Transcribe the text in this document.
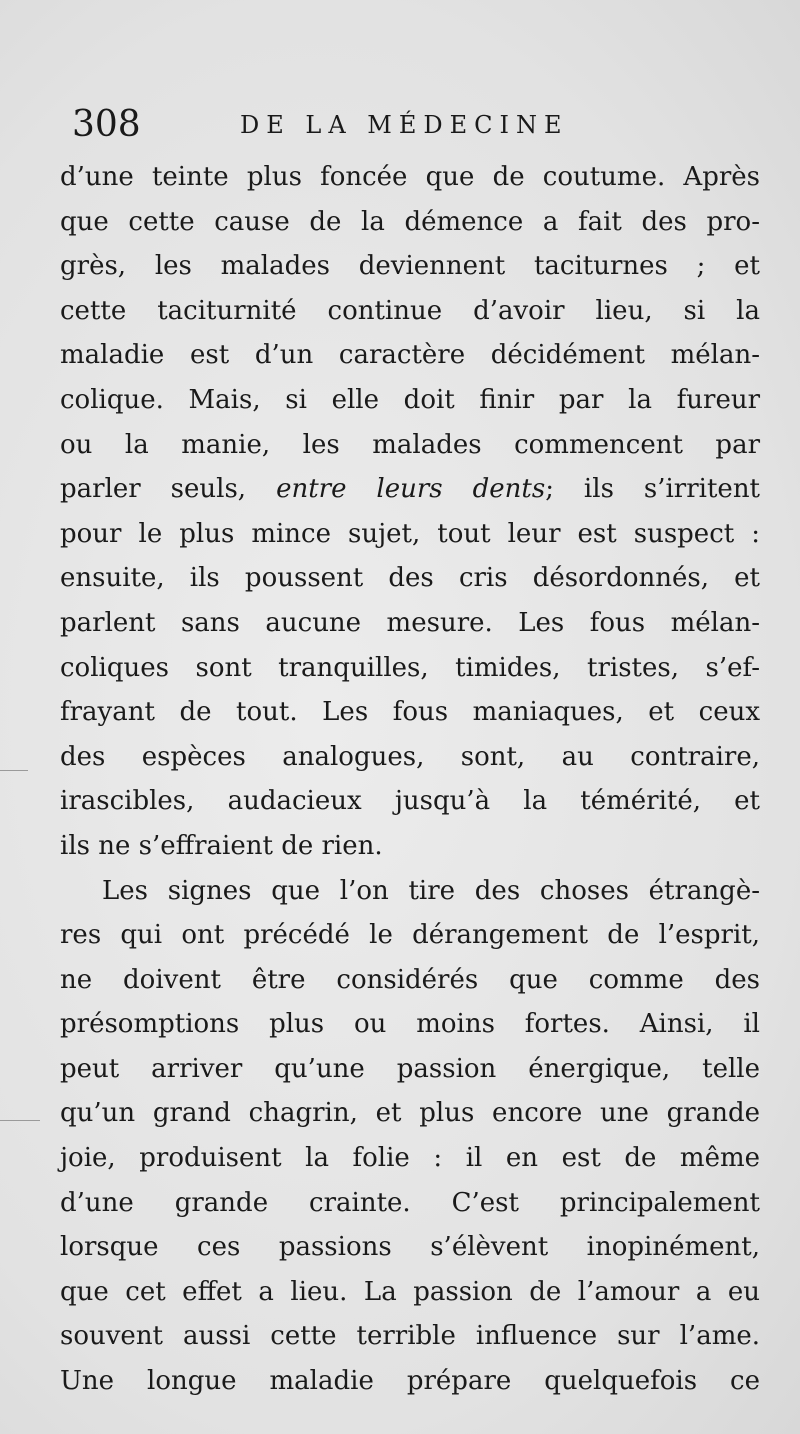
308	DE LA MÉDECINE
d’une teinte plus foncée que de coutume. Après
que cette cause de la démence a fait des pro-
grès, les malades deviennent taciturnes ; et
cette taciturnité continue d’avoir lieu, si la
maladie est d’un caractère décidément mélan-
colique. Mais, si elle doit finir par la fureur
ou la manie, les malades commencent par
parler seuls, entre leurs dents; ils s’irritent
pour le plus mince sujet, tout leur est suspect :
ensuite, ils poussent des cris désordonnés, et
parlent sans aucune mesure. Les fous mélan-
coliques sont tranquilles, timides, tristes, s’ef-
frayant de tout. Les fous maniaques, et ceux
des espèces analogues, sont, au contraire,
irascibles, audacieux jusqu’à la témérité, et
ils ne s’effraient de rien.
Les signes que l’on tire des choses étrangè-
res qui ont précédé le dérangement de l’esprit,
ne doivent être considérés que comme des
présomptions plus ou moins fortes. Ainsi, il
peut arriver qu’une passion énergique, telle
qu’un grand chagrin, et plus encore une grande
joie, produisent la folie : il en est de même
d’une grande crainte. C’est principalement
lorsque ces passions s’élèvent inopinément,
que cet effet a lieu. La passion de l’amour a eu
souvent aussi cette terrible influence sur l’ame.
Une longue maladie prépare quelquefois ce
